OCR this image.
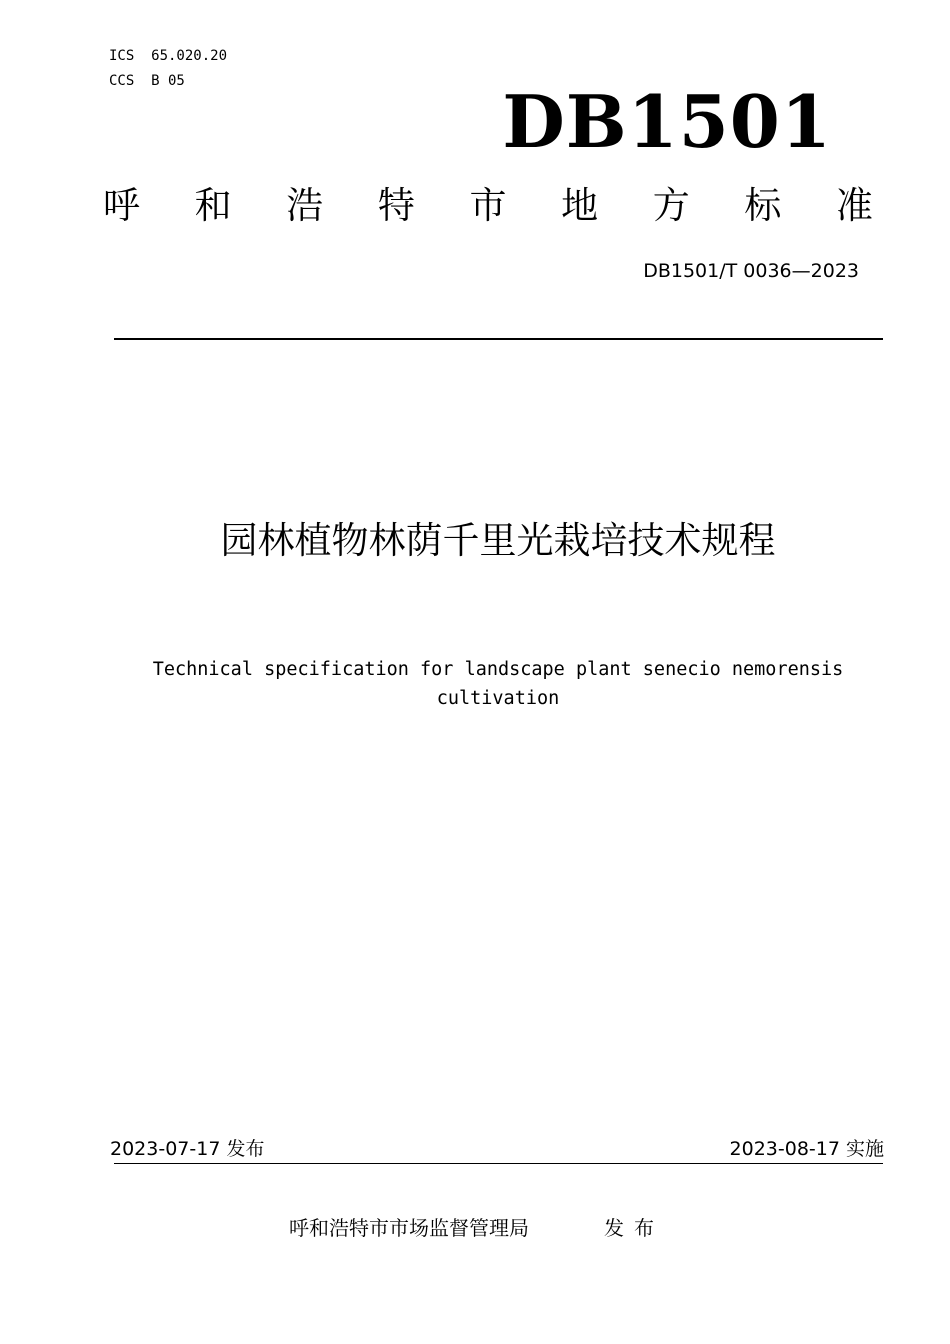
ICS  65.020.20
CCS  B 05	DB1501
呼 和 浩 特 市 地 方 标 准
DB1501/T 0036—2023
园林植物林荫千里光栽培技术规程
Technical specification for landscape plant senecio nemorensis
cultivation
2023-07-17 发布	2023-08-17 实施
呼和浩特市市场监督管理局	发布
